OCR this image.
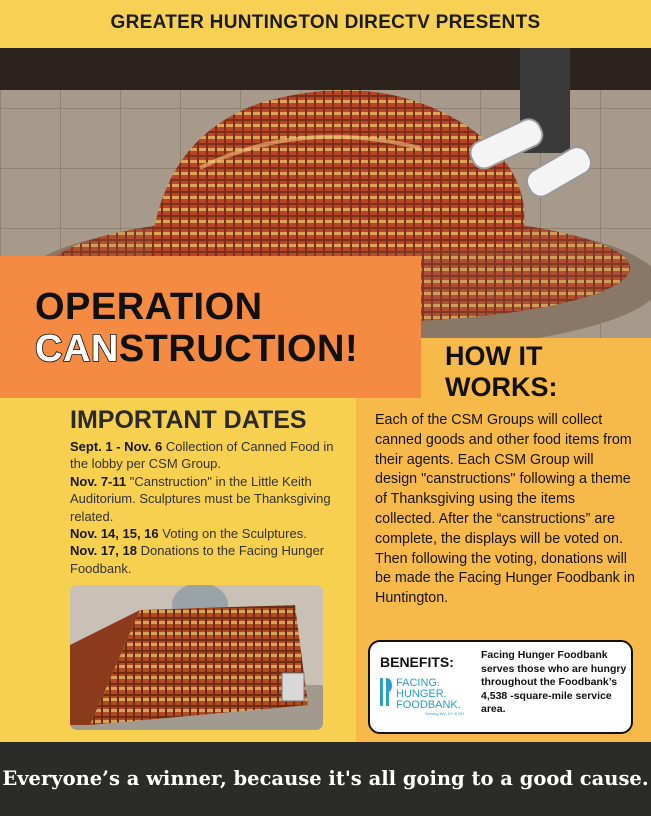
GREATER HUNTINGTON DIRECTV PRESENTS
OPERATION
CANSTRUCTION!	HOW IT
WORKS:
IMPORTANT DATES
Sept. 1 - Nov. 6 Collection of Canned Food in the lobby per CSM Group.
Nov. 7-11 "Canstruction" in the Little Keith Auditorium. Sculptures must be Thanksgiving related.
Nov. 14, 15, 16 Voting on the Sculptures.
Nov. 17, 18 Donations to the Facing Hunger Foodbank.
Each of the CSM Groups will collect canned goods and other food items from their agents. Each CSM Group will design "canstructions" following a theme of Thanksgiving using the items collected. After the “canstructions” are complete, the displays will be voted on. Then following the voting, donations will be made the Facing Hunger Foodbank in Huntington.
BENEFITS:
FACING.
HUNGER.
FOODBANK.
Serving WV, KY & OH
Facing Hunger Foodbank serves those who are hungry throughout the Foodbank’s 4,538 -square-mile service area.
Everyone’s a winner, because it's all going to a good cause.
